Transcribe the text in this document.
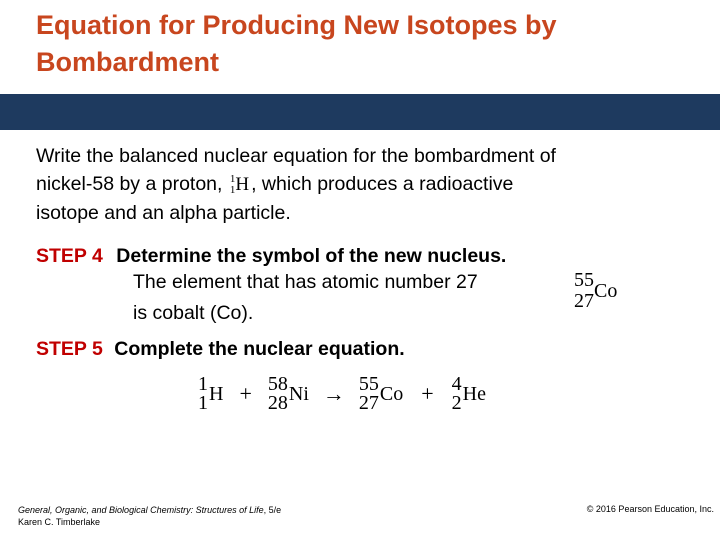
Equation for Producing New Isotopes by Bombardment
Write the balanced nuclear equation for the bombardment of
nickel-58 by a proton, 1
1 H , which produces a radioactive
isotope and an alpha particle.
STEP 4 Determine the symbol of the new nucleus.
The element that has atomic number 27
is cobalt (Co).
55
27 Co
STEP 5 Complete the nuclear equation.
1
1 H + 58
28 Ni → 55
27 Co + 4
2 He
General, Organic, and Biological Chemistry: Structures of Life, 5/e
Karen C. Timberlake
© 2016 Pearson Education, Inc.
